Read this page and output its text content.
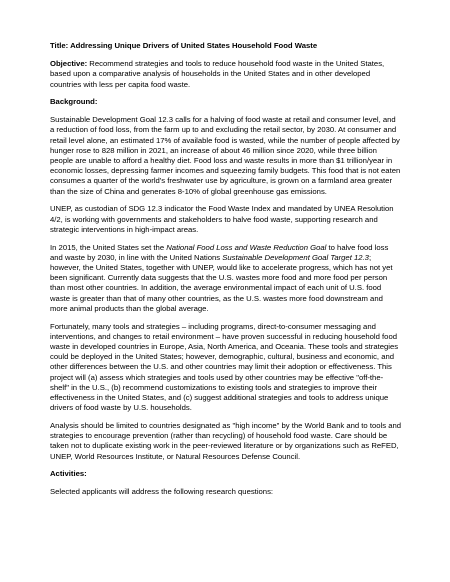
Title: Addressing Unique Drivers of United States Household Food Waste

Objective: Recommend strategies and tools to reduce household food waste in the United States, based upon a comparative analysis of households in the United States and in other developed countries with less per capita food waste.

Background:

Sustainable Development Goal 12.3 calls for a halving of food waste at retail and consumer level, and a reduction of food loss, from the farm up to and excluding the retail sector, by 2030. At consumer and retail level alone, an estimated 17% of available food is wasted, while the number of people affected by hunger rose to 828 million in 2021, an increase of about 46 million since 2020, while three billion people are unable to afford a healthy diet. Food loss and waste results in more than $1 trillion/year in economic losses, depressing farmer incomes and squeezing family budgets. This food that is not eaten consumes a quarter of the world's freshwater use by agriculture, is grown on a farmland area greater than the size of China and generates 8-10% of global greenhouse gas emissions.

UNEP, as custodian of SDG 12.3 indicator the Food Waste Index and mandated by UNEA Resolution 4/2, is working with governments and stakeholders to halve food waste, supporting research and strategic interventions in high-impact areas.

In 2015, the United States set the National Food Loss and Waste Reduction Goal to halve food loss and waste by 2030, in line with the United Nations Sustainable Development Goal Target 12.3; however, the United States, together with UNEP, would like to accelerate progress, which has not yet been significant. Currently data suggests that the U.S. wastes more food and more food per person than most other countries. In addition, the average environmental impact of each unit of U.S. food waste is greater than that of many other countries, as the U.S. wastes more food downstream and more animal products than the global average.

Fortunately, many tools and strategies – including programs, direct-to-consumer messaging and interventions, and changes to retail environment – have proven successful in reducing household food waste in developed countries in Europe, Asia, North America, and Oceania. These tools and strategies could be deployed in the United States; however, demographic, cultural, business and economic, and other differences between the U.S. and other countries may limit their adoption or effectiveness. This project will (a) assess which strategies and tools used by other countries may be effective "off-the-shelf" in the U.S., (b) recommend customizations to existing tools and strategies to improve their effectiveness in the United States, and (c) suggest additional strategies and tools to address unique drivers of food waste by U.S. households.

Analysis should be limited to countries designated as "high income" by the World Bank and to tools and strategies to encourage prevention (rather than recycling) of household food waste. Care should be taken not to duplicate existing work in the peer-reviewed literature or by organizations such as ReFED, UNEP, World Resources Institute, or Natural Resources Defense Council.

Activities:

Selected applicants will address the following research questions:
